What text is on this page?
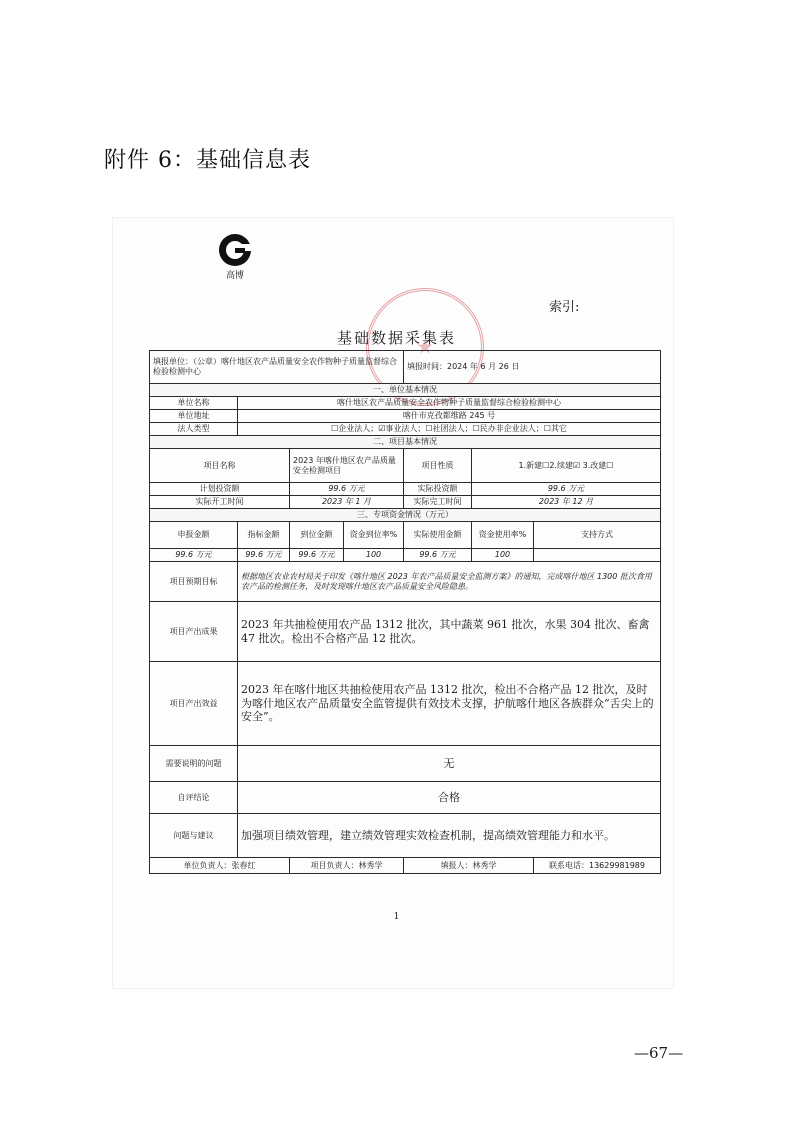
附件 6：基础信息表
高博
索引:
基础数据采集表
填报单位：（公章）喀什地区农产品质量安全农作物种子质量监督综合检验检测中心				填报时间：2024 年 6 月 26 日		
一、单位基本情况						
单位名称	喀什地区农产品质量安全农作物种子质量监督综合检验检测中心					
单位地址	喀什市克孜都维路 245 号					
法人类型	☐企业法人；☑事业法人；☐社团法人；☐民办非企业法人；☐其它					
二、项目基本情况						
项目名称		2023 年喀什地区农产品质量安全检测项目		项目性质	1.新建☐2.续建☑ 3.改建☐	
计划投资额		99.6 万元		实际投资额	99.6 万元	
实际开工时间		2023 年 1 月		实际完工时间	2023 年 12 月	
三、专项资金情况（万元）						
申报金额	指标金额	到位金额	资金到位率%	实际使用金额	资金使用率%	支持方式
99.6 万元	99.6 万元	99.6 万元	100	99.6 万元	100	
项目预期目标	根据地区农业农村局关于印发《喀什地区 2023 年农产品质量安全监测方案》的通知，完成喀什地区 1300 批次食用农产品的检测任务，及时发现喀什地区农产品质量安全风险隐患。					
项目产出成果	2023 年共抽检使用农产品 1312 批次，其中蔬菜 961 批次，水果 304 批次、畜禽 47 批次。检出不合格产品 12 批次。					
项目产出效益	2023 年在喀什地区共抽检使用农产品 1312 批次，检出不合格产品 12 批次，及时为喀什地区农产品质量安全监管提供有效技术支撑，护航喀什地区各族群众“舌尖上的安全”。					
需要说明的问题	无					
自评结论	合格					
问题与建议	加强项目绩效管理，建立绩效管理实效检查机制，提高绩效管理能力和水平。					
单位负责人：张春红		项目负责人：林秀学		填报人：林秀学		联系电话：13629981989
1
—67—
